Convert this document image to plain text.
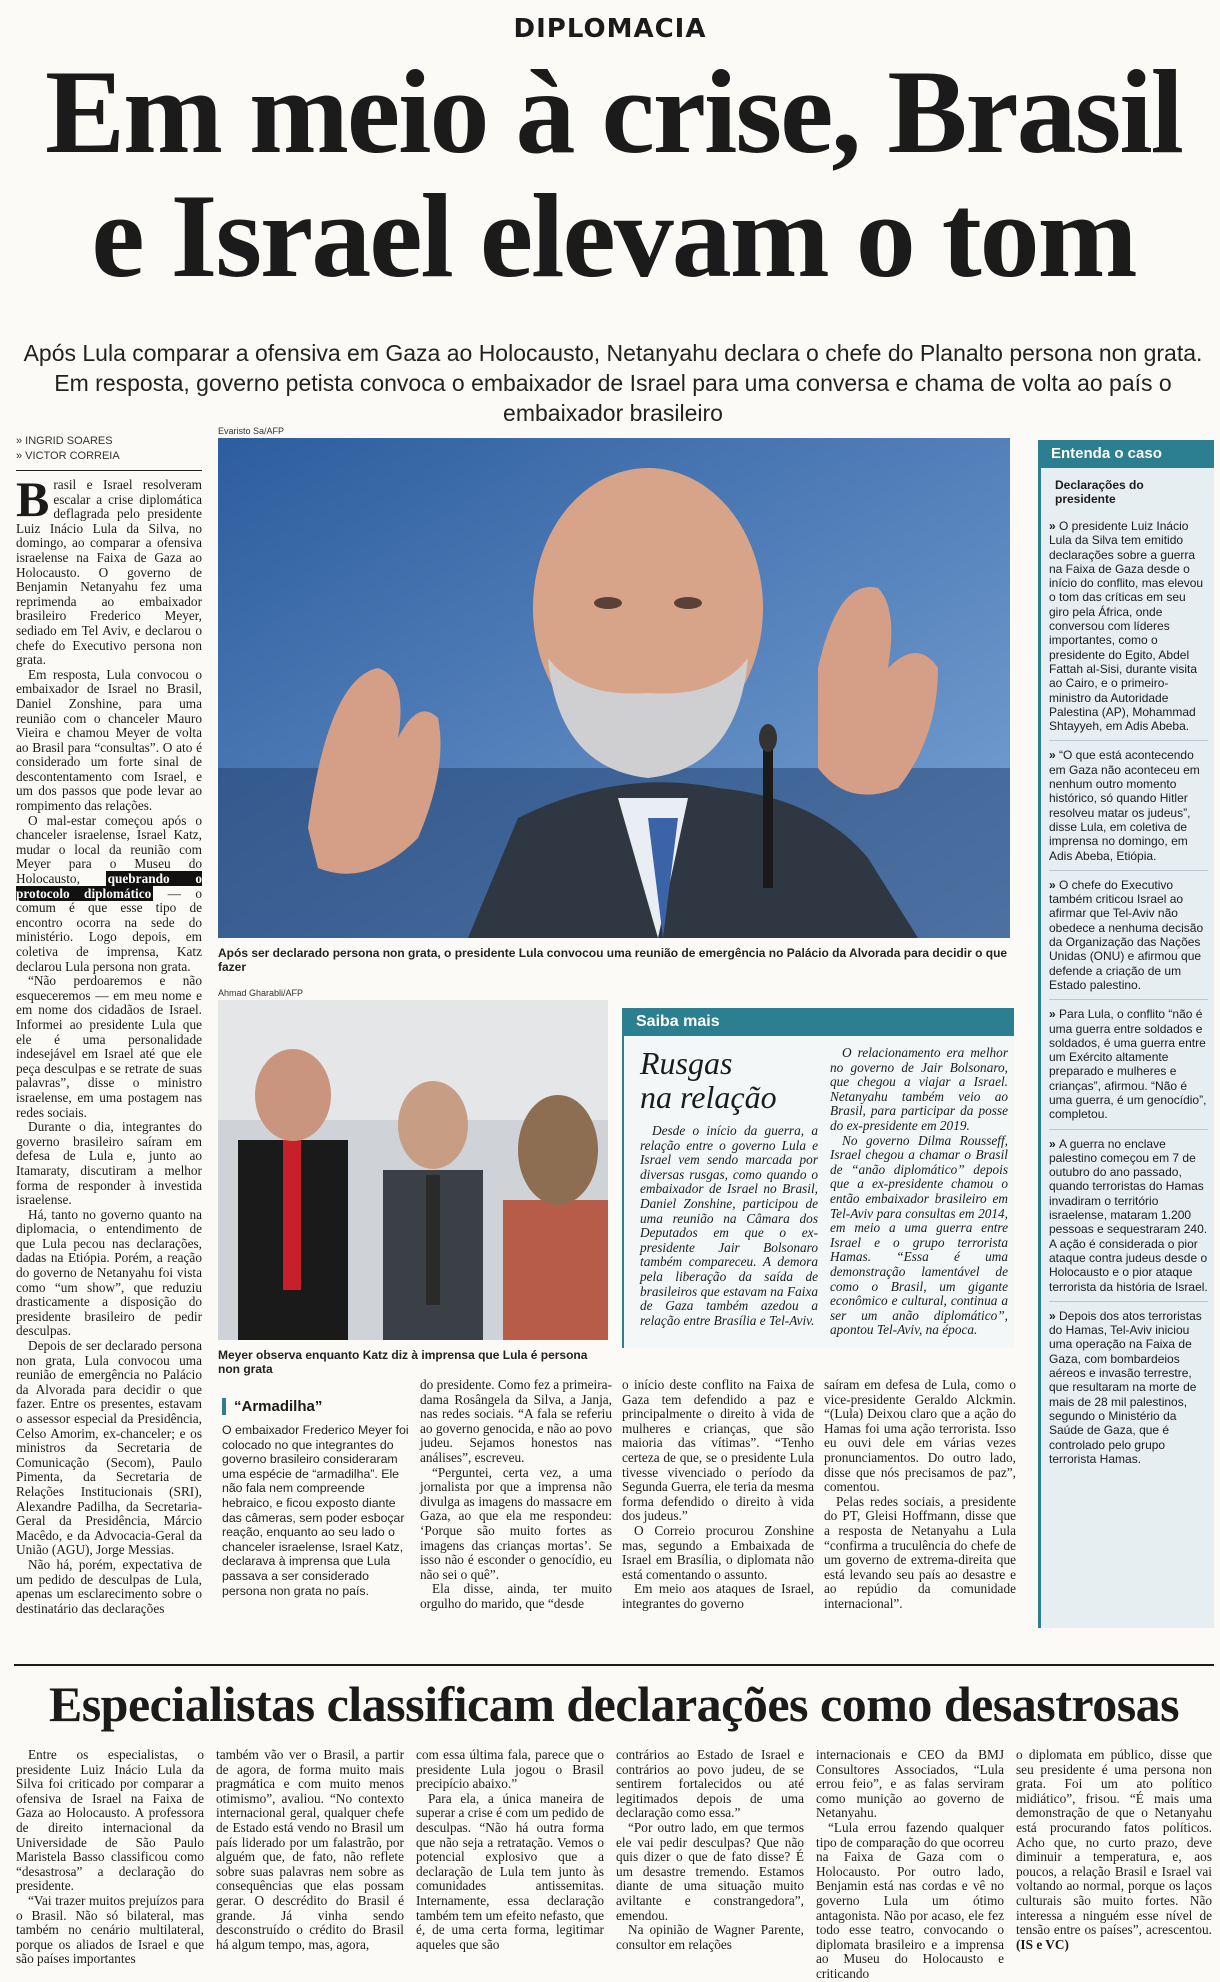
DIPLOMACIA
Em meio à crise, Brasil
e Israel elevam o tom
Após Lula comparar a ofensiva em Gaza ao Holocausto, Netanyahu declara o chefe do Planalto persona non grata. Em resposta, governo petista convoca o embaixador de Israel para uma conversa e chama de volta ao país o embaixador brasileiro
» INGRID SOARES
» VICTOR CORREIA

Brasil e Israel resolveram escalar a crise diplomática deflagrada pelo presidente Luiz Inácio Lula da Silva, no domingo, ao comparar a ofensiva israelense na Faixa de Gaza ao Holocausto. O governo de Benjamin Netanyahu fez uma reprimenda ao embaixador brasileiro Frederico Meyer, sediado em Tel Aviv, e declarou o chefe do Executivo persona non grata.

Em resposta, Lula convocou o embaixador de Israel no Brasil, Daniel Zonshine, para uma reunião com o chanceler Mauro Vieira e chamou Meyer de volta ao Brasil para “consultas”. O ato é considerado um forte sinal de descontentamento com Israel, e um dos passos que pode levar ao rompimento das relações.

O mal-estar começou após o chanceler israelense, Israel Katz, mudar o local da reunião com Meyer para o Museu do Holocausto, quebrando o protocolo diplomático — o comum é que esse tipo de encontro ocorra na sede do ministério. Logo depois, em coletiva de imprensa, Katz declarou Lula persona non grata.

“Não perdoaremos e não esqueceremos — em meu nome e em nome dos cidadãos de Israel. Informei ao presidente Lula que ele é uma personalidade indesejável em Israel até que ele peça desculpas e se retrate de suas palavras”, disse o ministro israelense, em uma postagem nas redes sociais.

Durante o dia, integrantes do governo brasileiro saíram em defesa de Lula e, junto ao Itamaraty, discutiram a melhor forma de responder à investida israelense.

Há, tanto no governo quanto na diplomacia, o entendimento de que Lula pecou nas declarações, dadas na Etiópia. Porém, a reação do governo de Netanyahu foi vista como “um show”, que reduziu drasticamente a disposição do presidente brasileiro de pedir desculpas.

Depois de ser declarado persona non grata, Lula convocou uma reunião de emergência no Palácio da Alvorada para decidir o que fazer. Entre os presentes, estavam o assessor especial da Presidência, Celso Amorim, ex-chanceler; e os ministros da Secretaria de Comunicação (Secom), Paulo Pimenta, da Secretaria de Relações Institucionais (SRI), Alexandre Padilha, da Secretaria-Geral da Presidência, Márcio Macêdo, e da Advocacia-Geral da União (AGU), Jorge Messias.

Não há, porém, expectativa de um pedido de desculpas de Lula, apenas um esclarecimento sobre o destinatário das declarações

Evaristo Sa/AFP
Após ser declarado persona non grata, o presidente Lula convocou uma reunião de emergência no Palácio da Alvorada para decidir o que fazer
Ahmad Gharabli/AFP
Meyer observa enquanto Katz diz à imprensa que Lula é persona non grata
Saiba mais
Rusgas
na relação

Desde o início da guerra, a relação entre o governo Lula e Israel vem sendo marcada por diversas rusgas, como quando o embaixador de Israel no Brasil, Daniel Zonshine, participou de uma reunião na Câmara dos Deputados em que o ex-presidente Jair Bolsonaro também compareceu. A demora pela liberação da saída de brasileiros que estavam na Faixa de Gaza também azedou a relação entre Brasília e Tel-Aviv.

O relacionamento era melhor no governo de Jair Bolsonaro, que chegou a viajar a Israel. Netanyahu também veio ao Brasil, para participar da posse do ex-presidente em 2019.

No governo Dilma Rousseff, Israel chegou a chamar o Brasil de “anão diplomático” depois que a ex-presidente chamou o então embaixador brasileiro em Tel-Aviv para consultas em 2014, em meio a uma guerra entre Israel e o grupo terrorista Hamas. “Essa é uma demonstração lamentável de como o Brasil, um gigante econômico e cultural, continua a ser um anão diplomático”, apontou Tel-Aviv, na época.

“Armadilha”
O embaixador Frederico Meyer foi colocado no que integrantes do governo brasileiro consideraram uma espécie de “armadilha”. Ele não fala nem compreende hebraico, e ficou exposto diante das câmeras, sem poder esboçar reação, enquanto ao seu lado o chanceler israelense, Israel Katz, declarava à imprensa que Lula passava a ser considerado persona non grata no país.

do presidente. Como fez a primeira-dama Rosângela da Silva, a Janja, nas redes sociais. “A fala se referiu ao governo genocida, e não ao povo judeu. Sejamos honestos nas análises”, escreveu.

“Perguntei, certa vez, a uma jornalista por que a imprensa não divulga as imagens do massacre em Gaza, ao que ela me respondeu: ‘Porque são muito fortes as imagens das crianças mortas’. Se isso não é esconder o genocídio, eu não sei o quê”.

Ela disse, ainda, ter muito orgulho do marido, que “desde

o início deste conflito na Faixa de Gaza tem defendido a paz e principalmente o direito à vida de mulheres e crianças, que são maioria das vítimas”. “Tenho certeza de que, se o presidente Lula tivesse vivenciado o período da Segunda Guerra, ele teria da mesma forma defendido o direito à vida dos judeus.”

O Correio procurou Zonshine mas, segundo a Embaixada de Israel em Brasília, o diplomata não está comentando o assunto.

Em meio aos ataques de Israel, integrantes do governo

saíram em defesa de Lula, como o vice-presidente Geraldo Alckmin. “(Lula) Deixou claro que a ação do Hamas foi uma ação terrorista. Isso eu ouvi dele em várias vezes pronunciamentos. Do outro lado, disse que nós precisamos de paz”, comentou.

Pelas redes sociais, a presidente do PT, Gleisi Hoffmann, disse que a resposta de Netanyahu a Lula “confirma a truculência do chefe de um governo de extrema-direita que está levando seu país ao desastre e ao repúdio da comunidade internacional”.

Entenda o caso
Declarações do presidente
» O presidente Luiz Inácio Lula da Silva tem emitido declarações sobre a guerra na Faixa de Gaza desde o início do conflito, mas elevou o tom das críticas em seu giro pela África, onde conversou com líderes importantes, como o presidente do Egito, Abdel Fattah al-Sisi, durante visita ao Cairo, e o primeiro-ministro da Autoridade Palestina (AP), Mohammad Shtayyeh, em Adis Abeba.
» “O que está acontecendo em Gaza não aconteceu em nenhum outro momento histórico, só quando Hitler resolveu matar os judeus”, disse Lula, em coletiva de imprensa no domingo, em Adis Abeba, Etiópia.
» O chefe do Executivo também criticou Israel ao afirmar que Tel-Aviv não obedece a nenhuma decisão da Organização das Nações Unidas (ONU) e afirmou que defende a criação de um Estado palestino.
» Para Lula, o conflito “não é uma guerra entre soldados e soldados, é uma guerra entre um Exército altamente preparado e mulheres e crianças”, afirmou. “Não é uma guerra, é um genocídio”, completou.
» A guerra no enclave palestino começou em 7 de outubro do ano passado, quando terroristas do Hamas invadiram o território israelense, mataram 1.200 pessoas e sequestraram 240. A ação é considerada o pior ataque contra judeus desde o Holocausto e o pior ataque terrorista da história de Israel.
» Depois dos atos terroristas do Hamas, Tel-Aviv iniciou uma operação na Faixa de Gaza, com bombardeios aéreos e invasão terrestre, que resultaram na morte de mais de 28 mil palestinos, segundo o Ministério da Saúde de Gaza, que é controlado pelo grupo terrorista Hamas.
Especialistas classificam declarações como desastrosas

Entre os especialistas, o presidente Luiz Inácio Lula da Silva foi criticado por comparar a ofensiva de Israel na Faixa de Gaza ao Holocausto. A professora de direito internacional da Universidade de São Paulo Maristela Basso classificou como “desastrosa” a declaração do presidente.

“Vai trazer muitos prejuízos para o Brasil. Não só bilateral, mas também no cenário multilateral, porque os aliados de Israel e que são países importantes

também vão ver o Brasil, a partir de agora, de forma muito mais pragmática e com muito menos otimismo”, avaliou. “No contexto internacional geral, qualquer chefe de Estado está vendo no Brasil um país liderado por um falastrão, por alguém que, de fato, não reflete sobre suas palavras nem sobre as consequências que elas possam gerar. O descrédito do Brasil é grande. Já vinha sendo desconstruído o crédito do Brasil há algum tempo, mas, agora,

com essa última fala, parece que o presidente Lula jogou o Brasil precipício abaixo.”

Para ela, a única maneira de superar a crise é com um pedido de desculpas. “Não há outra forma que não seja a retratação. Vemos o potencial explosivo que a declaração de Lula tem junto às comunidades antissemitas. Internamente, essa declaração também tem um efeito nefasto, que é, de uma certa forma, legitimar aqueles que são

contrários ao Estado de Israel e contrários ao povo judeu, de se sentirem fortalecidos ou até legitimados depois de uma declaração como essa.”

“Por outro lado, em que termos ele vai pedir desculpas? Que não quis dizer o que de fato disse? É um desastre tremendo. Estamos diante de uma situação muito aviltante e constrangedora”, emendou.

Na opinião de Wagner Parente, consultor em relações

internacionais e CEO da BMJ Consultores Associados, “Lula errou feio”, e as falas serviram como munição ao governo de Netanyahu.

“Lula errou fazendo qualquer tipo de comparação do que ocorreu na Faixa de Gaza com o Holocausto. Por outro lado, Benjamin está nas cordas e vê no governo Lula um ótimo antagonista. Não por acaso, ele fez todo esse teatro, convocando o diplomata brasileiro e a imprensa ao Museu do Holocausto e criticando

o diplomata em público, disse que seu presidente é uma persona non grata. Foi um ato político midiático”, frisou. “É mais uma demonstração de que o Netanyahu está procurando fatos políticos. Acho que, no curto prazo, deve diminuir a temperatura, e, aos poucos, a relação Brasil e Israel vai voltando ao normal, porque os laços culturais são muito fortes. Não interessa a ninguém esse nível de tensão entre os países”, acrescentou. (IS e VC)
